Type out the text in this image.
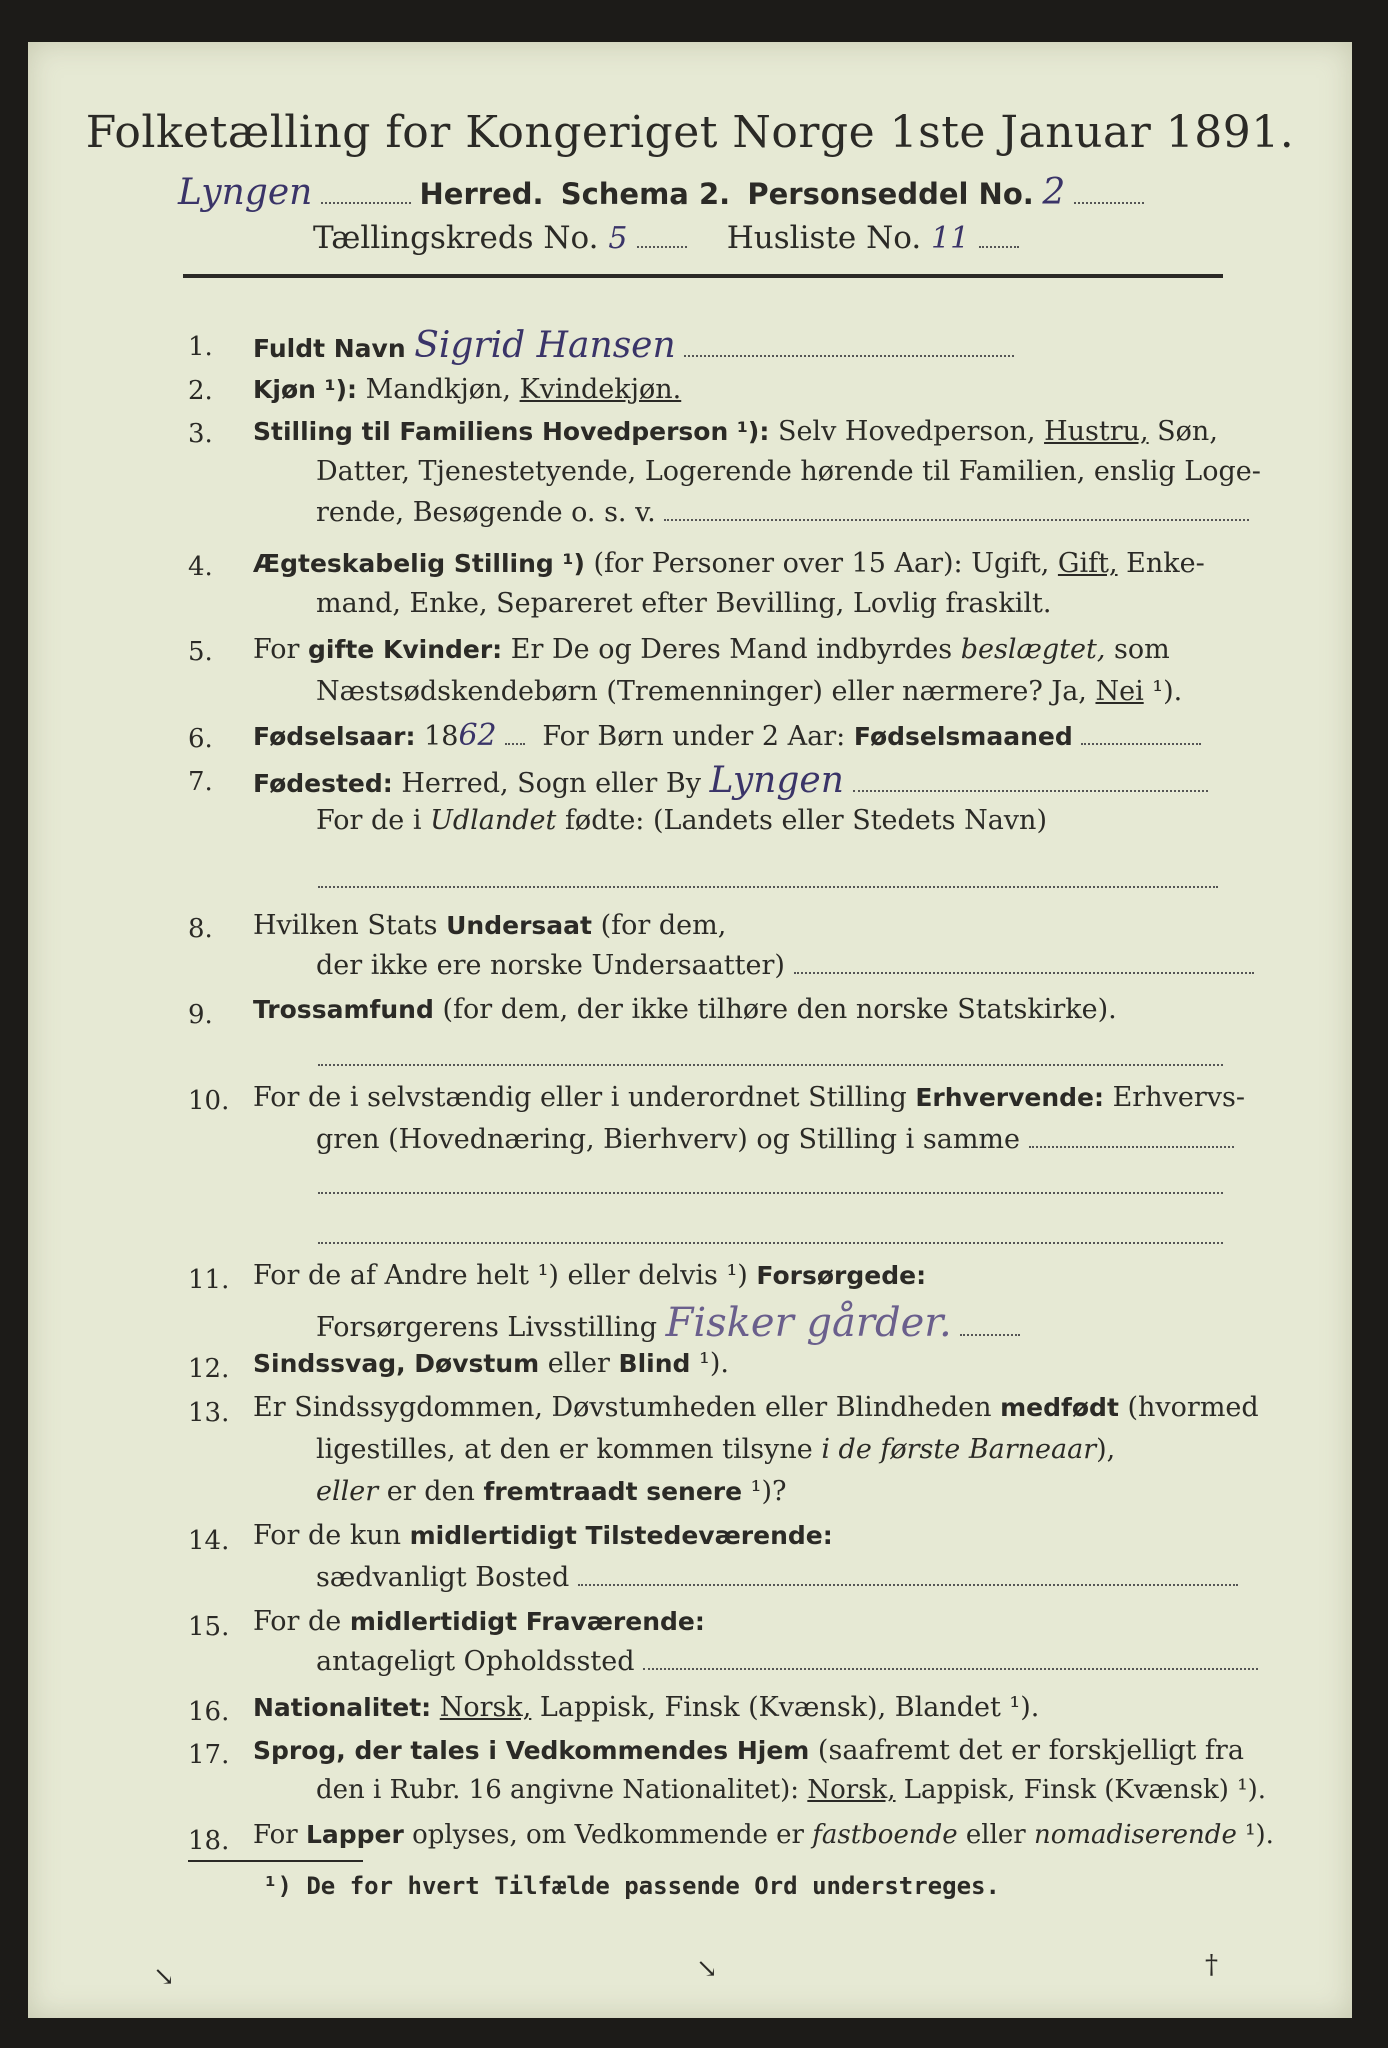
Folketælling for Kongeriget Norge 1ste Januar 1891.
Lyngen	Herred. Schema 2. Personseddel No. 2
Tællingskreds No. 5	Husliste No. 11
1. Fuldt Navn Sigrid Hansen
2. Kjøn ¹): Mandkjøn, Kvindekjøn.
3. Stilling til Familiens Hovedperson ¹): Selv Hovedperson, Hustru, Søn,
Datter, Tjenestetyende, Logerende hørende til Familien, enslig Loge-
rende, Besøgende o. s. v.
4. Ægteskabelig Stilling ¹) (for Personer over 15 Aar): Ugift, Gift, Enke-
mand, Enke, Separeret efter Bevilling, Lovlig fraskilt.
5. For gifte Kvinder: Er De og Deres Mand indbyrdes beslægtet, som
Næstsødskendebørn (Tremenninger) eller nærmere? Ja, Nei ¹).
6. Fødselsaar: 1862 For Børn under 2 Aar: Fødselsmaaned
7. Fødested: Herred, Sogn eller By Lyngen
For de i Udlandet fødte: (Landets eller Stedets Navn)
8. Hvilken Stats Undersaat (for dem,
der ikke ere norske Undersaatter)
9. Trossamfund (for dem, der ikke tilhøre den norske Statskirke).
10. For de i selvstændig eller i underordnet Stilling Erhvervende: Erhvervs-
gren (Hovednæring, Bierhverv) og Stilling i samme
11. For de af Andre helt ¹) eller delvis ¹) Forsørgede:
Forsørgerens Livsstilling Fisker gårder.
12. Sindssvag, Døvstum eller Blind ¹).
13. Er Sindssygdommen, Døvstumheden eller Blindheden medfødt (hvormed
ligestilles, at den er kommen tilsyne i de første Barneaar),
eller er den fremtraadt senere ¹)?
14. For de kun midlertidigt Tilstedeværende:
sædvanligt Bosted
15. For de midlertidigt Fraværende:
antageligt Opholdssted
16. Nationalitet: Norsk, Lappisk, Finsk (Kvænsk), Blandet ¹).
17. Sprog, der tales i Vedkommendes Hjem (saafremt det er forskjelligt fra
den i Rubr. 16 angivne Nationalitet): Norsk, Lappisk, Finsk (Kvænsk) ¹).
18. For Lapper oplyses, om Vedkommende er fastboende eller nomadiserende ¹).
¹) De for hvert Tilfælde passende Ord understreges.
↘	↘	†
